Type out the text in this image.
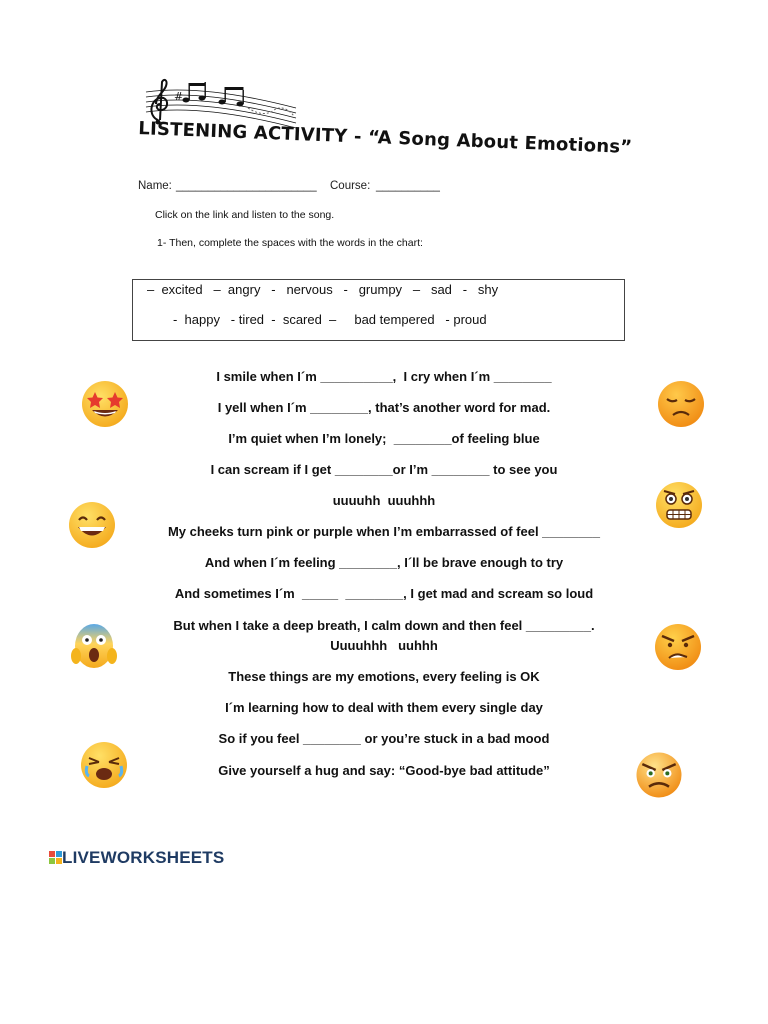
#
LISTENING ACTIVITY - “A Song About Emotions”
Name: ______________________ Course: __________
Click on the link and listen to the song.
1- Then, complete the spaces with the words in the chart:
–  excited   –  angry   -   nervous   -   grumpy   –   sad   -   shy
-  happy   - tired  -  scared  –     bad tempered   - proud
I smile when I´m __________,  I cry when I´m ________
I yell when I´m ________, that’s another word for mad.
I’m quiet when I’m lonely;  ________of feeling blue
I can scream if I get ________or I’m ________ to see you
uuuuhh  uuuhhh
My cheeks turn pink or purple when I’m embarrassed of feel ________
And when I´m feeling ________, I´ll be brave enough to try
And sometimes I´m  _____  ________, I get mad and scream so loud
But when I take a deep breath, I calm down and then feel _________.
Uuuuhhh   uuhhh
These things are my emotions, every feeling is OK
I´m learning how to deal with them every single day
So if you feel ________ or you’re stuck in a bad mood
Give yourself a hug and say: “Good-bye bad attitude”
LIVEWORKSHEETS
